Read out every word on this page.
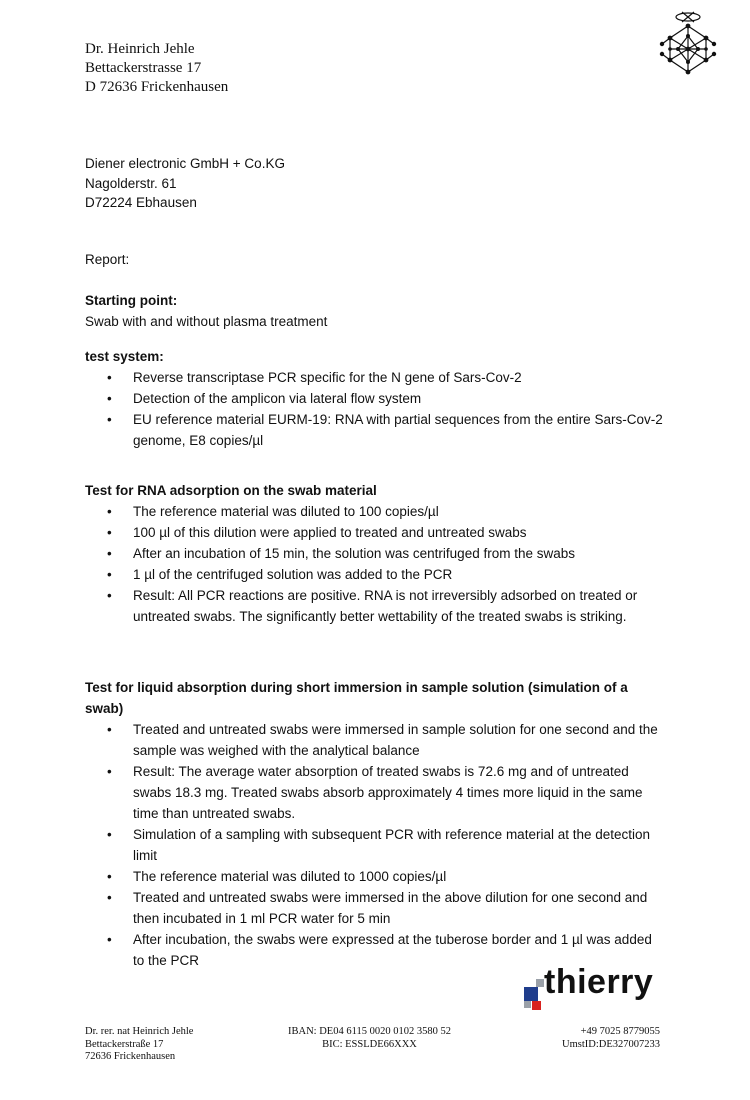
Dr. Heinrich Jehle
Bettackerstrasse 17
D 72636 Frickenhausen
Diener electronic GmbH + Co.KG
Nagolderstr. 61
D72224 Ebhausen
Report:
Starting point:

Swab with and without plasma treatment

test system:
• Reverse transcriptase PCR specific for the N gene of Sars-Cov-2
• Detection of the amplicon via lateral flow system
• EU reference material EURM-19: RNA with partial sequences from the entire Sars-Cov-2 genome, E8 copies/µl
Test for RNA adsorption on the swab material
• The reference material was diluted to 100 copies/µl
• 100 µl of this dilution were applied to treated and untreated swabs
• After an incubation of 15 min, the solution was centrifuged from the swabs
• 1 µl of the centrifuged solution was added to the PCR
• Result: All PCR reactions are positive. RNA is not irreversibly adsorbed on treated or untreated swabs. The significantly better wettability of the treated swabs is striking.
Test for liquid absorption during short immersion in sample solution (simulation of a swab)
• Treated and untreated swabs were immersed in sample solution for one second and the sample was weighed with the analytical balance
• Result: The average water absorption of treated swabs is 72.6 mg and of untreated swabs 18.3 mg. Treated swabs absorb approximately 4 times more liquid in the same time than untreated swabs.
• Simulation of a sampling with subsequent PCR with reference material at the detection limit
• The reference material was diluted to 1000 copies/µl
• Treated and untreated swabs were immersed in the above dilution for one second and then incubated in 1 ml PCR water for 5 min
• After incubation, the swabs were expressed at the tuberose border and 1 µl was added to the PCR
thierry
Dr. rer. nat Heinrich Jehle
Bettackerstraße 17
72636 Frickenhausen
IBAN: DE04 6115 0020 0102 3580 52
BIC: ESSLDE66XXX
+49 7025 8779055
UmstID:DE327007233
